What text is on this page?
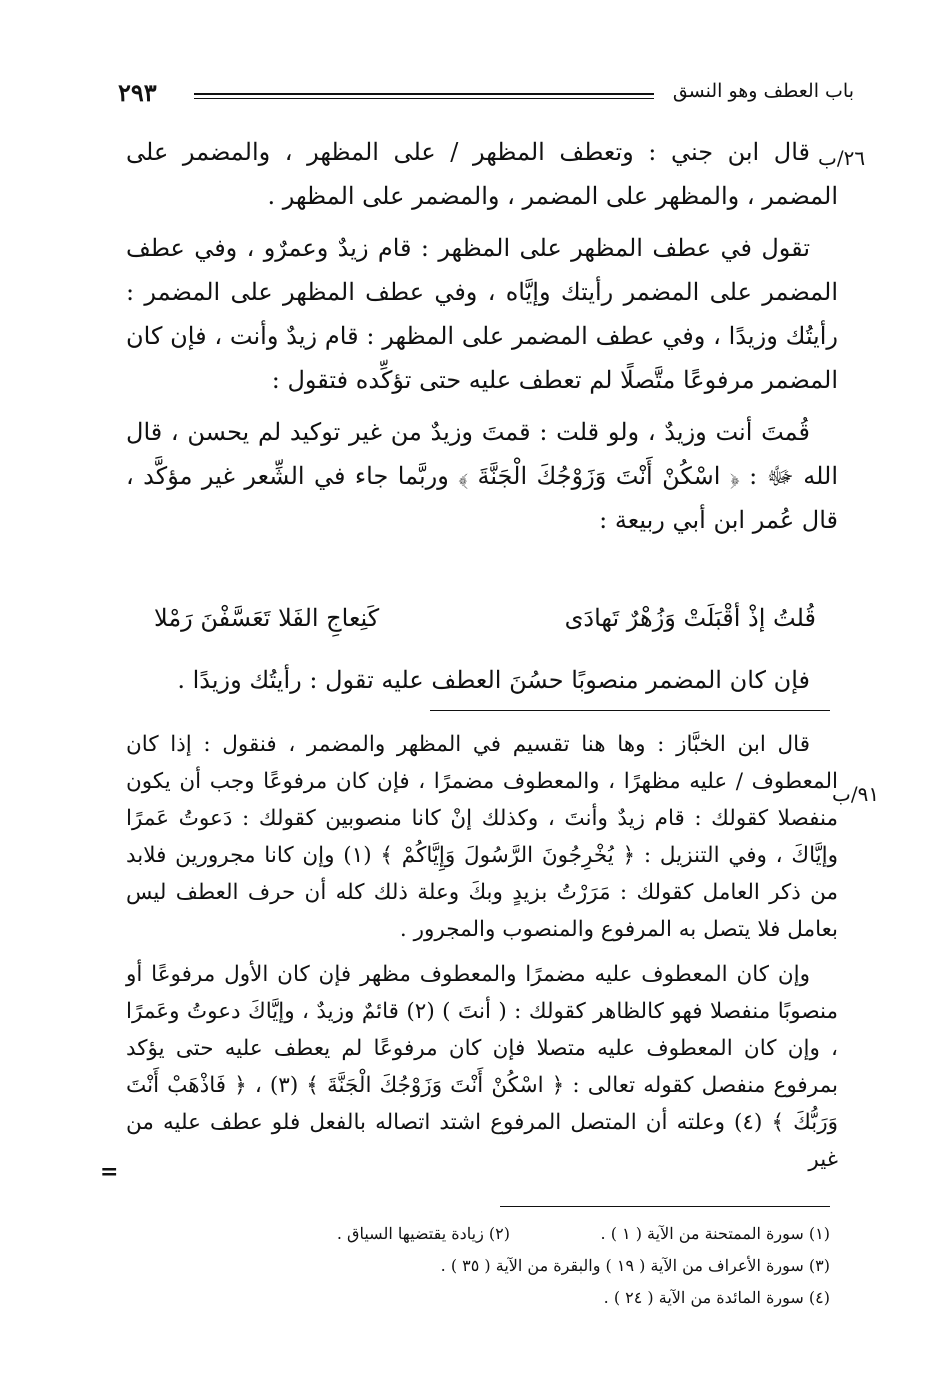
باب العطف وهو النسق
٢٩٣
٢٦/ب
٩١/ب

قال ابن جني : وتعطف المظهر / على المظهر ، والمضمر على المضمر ، والمظهر على المضمر ، والمضمر على المظهر .

تقول في عطف المظهر على المظهر : قام زيدٌ وعمرٌو ، وفي عطف المضمر على المضمر رأيتك وإيَّاه ، وفي عطف المظهر على المضمر : رأيتُك وزيدًا ، وفي عطف المضمر على المظهر : قام زيدٌ وأنت ، فإن كان المضمر مرفوعًا متَّصلًا لم تعطف عليه حتى تؤكِّده فتقول :

قُمتَ أنت وزيدٌ ، ولو قلت : قمتَ وزيدٌ من غير توكيد لم يحسن ، قال الله ﷻ : ﴿ اسْكُنْ أَنْتَ وَزَوْجُكَ الْجَنَّةَ ﴾ وربَّما جاء في الشِّعر غير مؤكَّد ، قال عُمر ابن أبي ربيعة :

قُلتُ إذْ أقْبَلَتْ وَزُهْرٌ تَهادَى
كَنِعاجِ الفَلا تَعَسَّفْنَ رَمْلا

فإن كان المضمر منصوبًا حسُنَ العطف عليه تقول : رأيتُك وزيدًا .

قال ابن الخبَّاز : وها هنا تقسيم في المظهر والمضمر ، فنقول : إذا كان المعطوف / عليه مظهرًا ، والمعطوف مضمرًا ، فإن كان مرفوعًا وجب أن يكون منفصلا كقولك : قام زيدٌ وأنتَ ، وكذلك إنْ كانا منصوبين كقولك : دَعوتُ عَمرًا وإيَّاكَ ، وفي التنزيل : ﴿ يُخْرِجُونَ الرَّسُولَ وَإِيَّاكُمْ ﴾ (١) وإن كانا مجرورين فلابد من ذكر العامل كقولك : مَرَرْتُ بزيدٍ وبكَ وعلة ذلك كله أن حرف العطف ليس بعامل فلا يتصل به المرفوع والمنصوب والمجرور .

وإن كان المعطوف عليه مضمرًا والمعطوف مظهر فإن كان الأول مرفوعًا أو منصوبًا منفصلا فهو كالظاهر كقولك : ( أنتَ ) (٢) قائمٌ وزيدٌ ، وإيَّاكَ دعوتُ وعَمرًا ، وإن كان المعطوف عليه متصلا فإن كان مرفوعًا لم يعطف عليه حتى يؤكد بمرفوع منفصل كقوله تعالى : ﴿ اسْكُنْ أَنْتَ وَزَوْجُكَ الْجَنَّةَ ﴾ (٣) ، ﴿ فَاذْهَبْ أَنْتَ وَرَبُّكَ ﴾ (٤) وعلته أن المتصل المرفوع اشتد اتصاله بالفعل فلو عطف عليه من غير

=
(١) سورة الممتحنة من الآية ( ١ ) .
(٢) زيادة يقتضيها السياق .
(٣) سورة الأعراف من الآية ( ١٩ ) والبقرة من الآية ( ٣٥ ) .
(٤) سورة المائدة من الآية ( ٢٤ ) .
